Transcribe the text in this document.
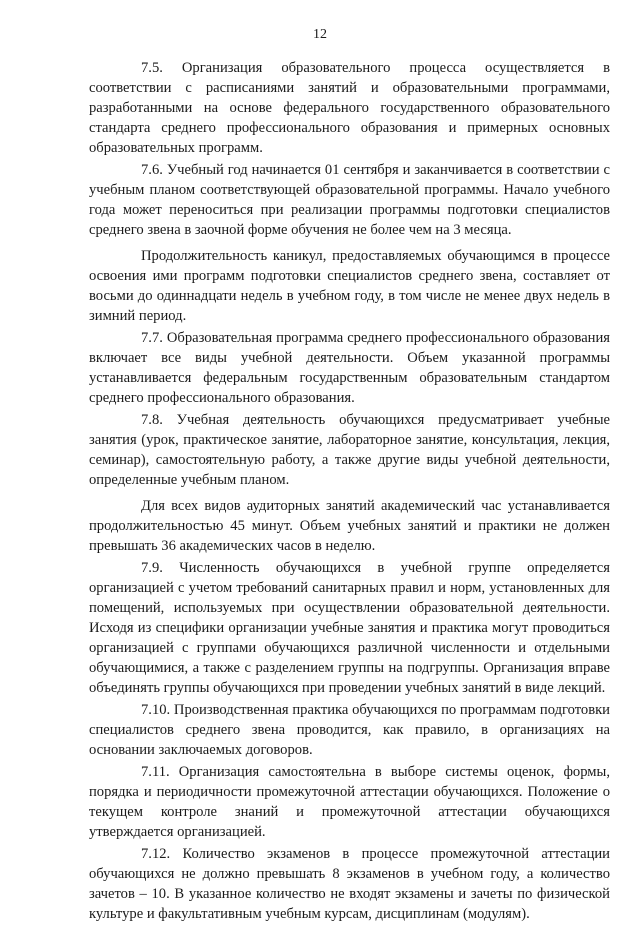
12

7.5. Организация образовательного процесса осуществляется в соответствии с расписаниями занятий и образовательными программами, разработанными на основе федерального государственного образовательного стандарта среднего профессионального образования и примерных основных образовательных программ.

7.6. Учебный год начинается 01 сентября и заканчивается в соответствии с учебным планом соответствующей образовательной программы. Начало учебного года может переноситься при реализации программы подготовки специалистов среднего звена в заочной форме обучения не более чем на 3 месяца.

Продолжительность каникул, предоставляемых обучающимся в процессе освоения ими программ подготовки специалистов среднего звена, составляет от восьми до одиннадцати недель в учебном году, в том числе не менее двух недель в зимний период.

7.7. Образовательная программа среднего профессионального образования включает все виды учебной деятельности. Объем указанной программы устанавливается федеральным государственным образовательным стандартом среднего профессионального образования.

7.8. Учебная деятельность обучающихся предусматривает учебные занятия (урок, практическое занятие, лабораторное занятие, консультация, лекция, семинар), самостоятельную работу, а также другие виды учебной деятельности, определенные учебным планом.

Для всех видов аудиторных занятий академический час устанавливается продолжительностью 45 минут. Объем учебных занятий и практики не должен превышать 36 академических часов в неделю.

7.9. Численность обучающихся в учебной группе определяется организацией с учетом требований санитарных правил и норм, установленных для помещений, используемых при осуществлении образовательной деятельности. Исходя из специфики организации учебные занятия и практика могут проводиться организацией с группами обучающихся различной численности и отдельными обучающимися, а также с разделением группы на подгруппы. Организация вправе объединять группы обучающихся при проведении учебных занятий в виде лекций.

7.10. Производственная практика обучающихся по программам подготовки специалистов среднего звена проводится, как правило, в организациях на основании заключаемых договоров.

7.11. Организация самостоятельна в выборе системы оценок, формы, порядка и периодичности промежуточной аттестации обучающихся. Положение о текущем контроле знаний и промежуточной аттестации обучающихся утверждается организацией.

7.12. Количество экзаменов в процессе промежуточной аттестации обучающихся не должно превышать 8 экзаменов в учебном году, а количество зачетов – 10. В указанное количество не входят экзамены и зачеты по физической культуре и факультативным учебным курсам, дисциплинам (модулям).
